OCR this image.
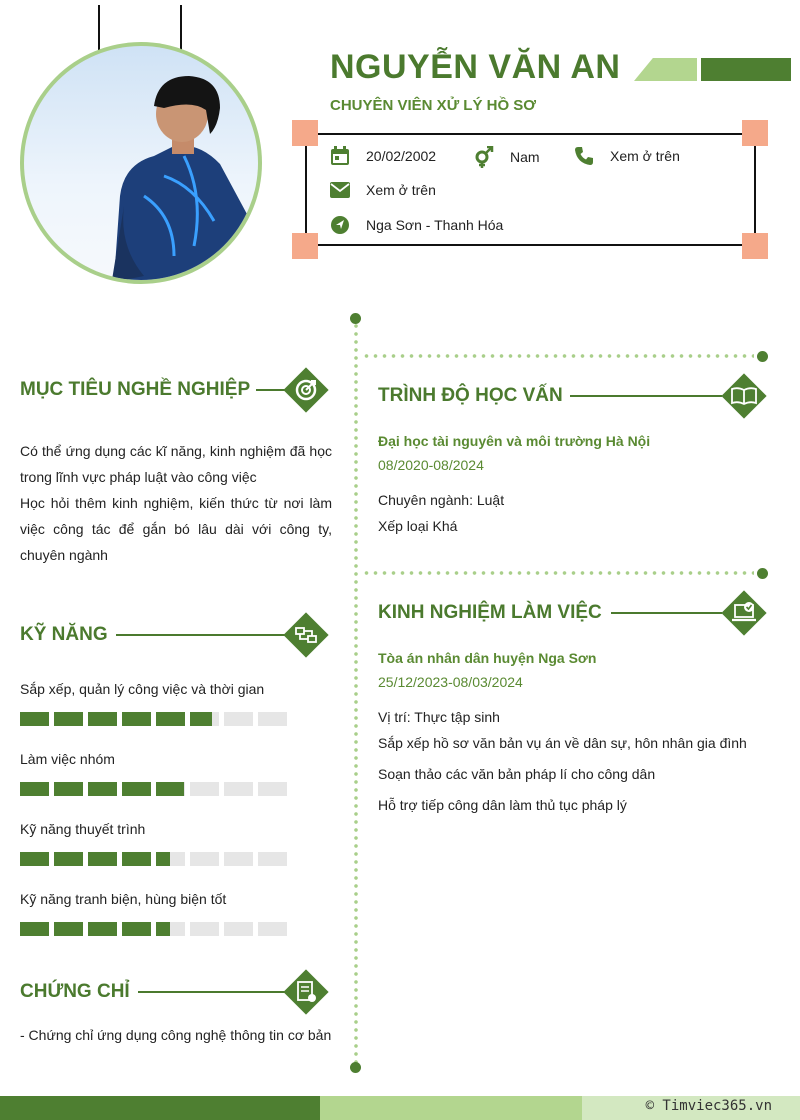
NGUYỄN VĂN AN
CHUYÊN VIÊN XỬ LÝ HỒ SƠ
20/02/2002	Nam	Xem ở trên
Xem ở trên
Nga Sơn - Thanh Hóa
MỤC TIÊU NGHỀ NGHIỆP
Có thể ứng dụng các kĩ năng, kinh nghiệm đã học trong lĩnh vực pháp luật vào công việc
Học hỏi thêm kinh nghiệm, kiến thức từ nơi làm việc công tác để gắn bó lâu dài với công ty, chuyên ngành
KỸ NĂNG
Sắp xếp, quản lý công việc và thời gian
Làm việc nhóm
Kỹ năng thuyết trình
Kỹ năng tranh biện, hùng biện tốt
CHỨNG CHỈ
- Chứng chỉ ứng dụng công nghệ thông tin cơ bản
TRÌNH ĐỘ HỌC VẤN
Đại học tài nguyên và môi trường Hà Nội
08/2020-08/2024
Chuyên ngành: Luật
Xếp loại Khá
KINH NGHIỆM LÀM VIỆC
Tòa án nhân dân huyện Nga Sơn
25/12/2023-08/03/2024
Vị trí: Thực tập sinh
Sắp xếp hồ sơ văn bản vụ án về dân sự, hôn nhân gia đình
Soạn thảo các văn bản pháp lí cho công dân
Hỗ trợ tiếp công dân làm thủ tục pháp lý
© Timviec365.vn
